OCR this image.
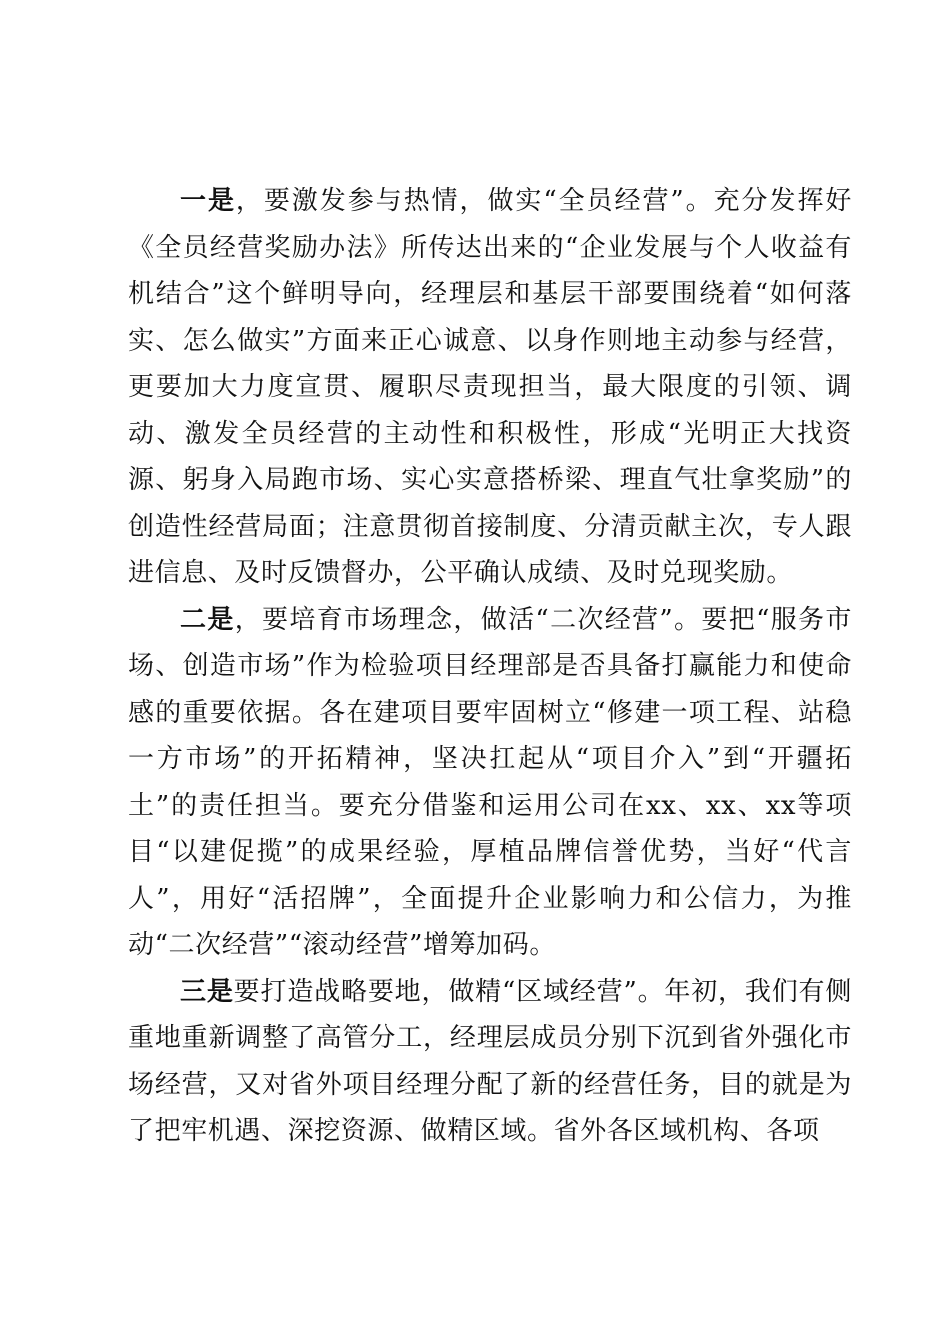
一是，要激发参与热情，做实“全员经营”。充分发挥好《全员经营奖励办法》所传达出来的“企业发展与个人收益有机结合”这个鲜明导向，经理层和基层干部要围绕着“如何落实、怎么做实”方面来正心诚意、以身作则地主动参与经营，更要加大力度宣贯、履职尽责现担当，最大限度的引领、调动、激发全员经营的主动性和积极性，形成“光明正大找资源、躬身入局跑市场、实心实意搭桥梁、理直气壮拿奖励”的创造性经营局面；注意贯彻首接制度、分清贡献主次，专人跟进信息、及时反馈督办，公平确认成绩、及时兑现奖励。

二是，要培育市场理念，做活“二次经营”。要把“服务市场、创造市场”作为检验项目经理部是否具备打赢能力和使命感的重要依据。各在建项目要牢固树立“修建一项工程、站稳一方市场”的开拓精神，坚决扛起从“项目介入”到“开疆拓土”的责任担当。要充分借鉴和运用公司在xx、xx、xx等项目“以建促揽”的成果经验，厚植品牌信誉优势，当好“代言人”，用好“活招牌”，全面提升企业影响力和公信力，为推动“二次经营”“滚动经营”增筹加码。

三是要打造战略要地，做精“区域经营”。年初，我们有侧重地重新调整了高管分工，经理层成员分别下沉到省外强化市场经营，又对省外项目经理分配了新的经营任务，目的就是为了把牢机遇、深挖资源、做精区域。省外各区域机构、各项
